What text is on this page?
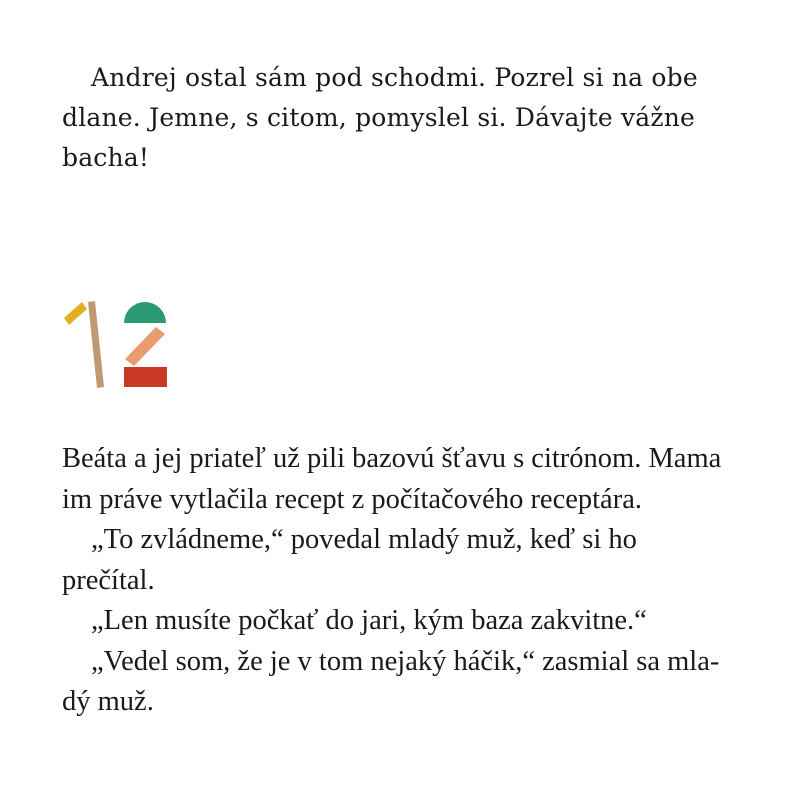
Andrej ostal sám pod schodmi. Pozrel si na obe
dlane. Jemne, s citom, pomyslel si. Dávajte vážne
bacha!
Beáta a jej priateľ už pili bazovú šťavu s citrónom. Mama
im práve vytlačila recept z počítačového receptára.
„To zvládneme,“ povedal mladý muž, keď si ho
prečítal.
„Len musíte počkať do jari, kým baza zakvitne.“
„Vedel som, že je v tom nejaký háčik,“ zasmial sa mla-
dý muž.
